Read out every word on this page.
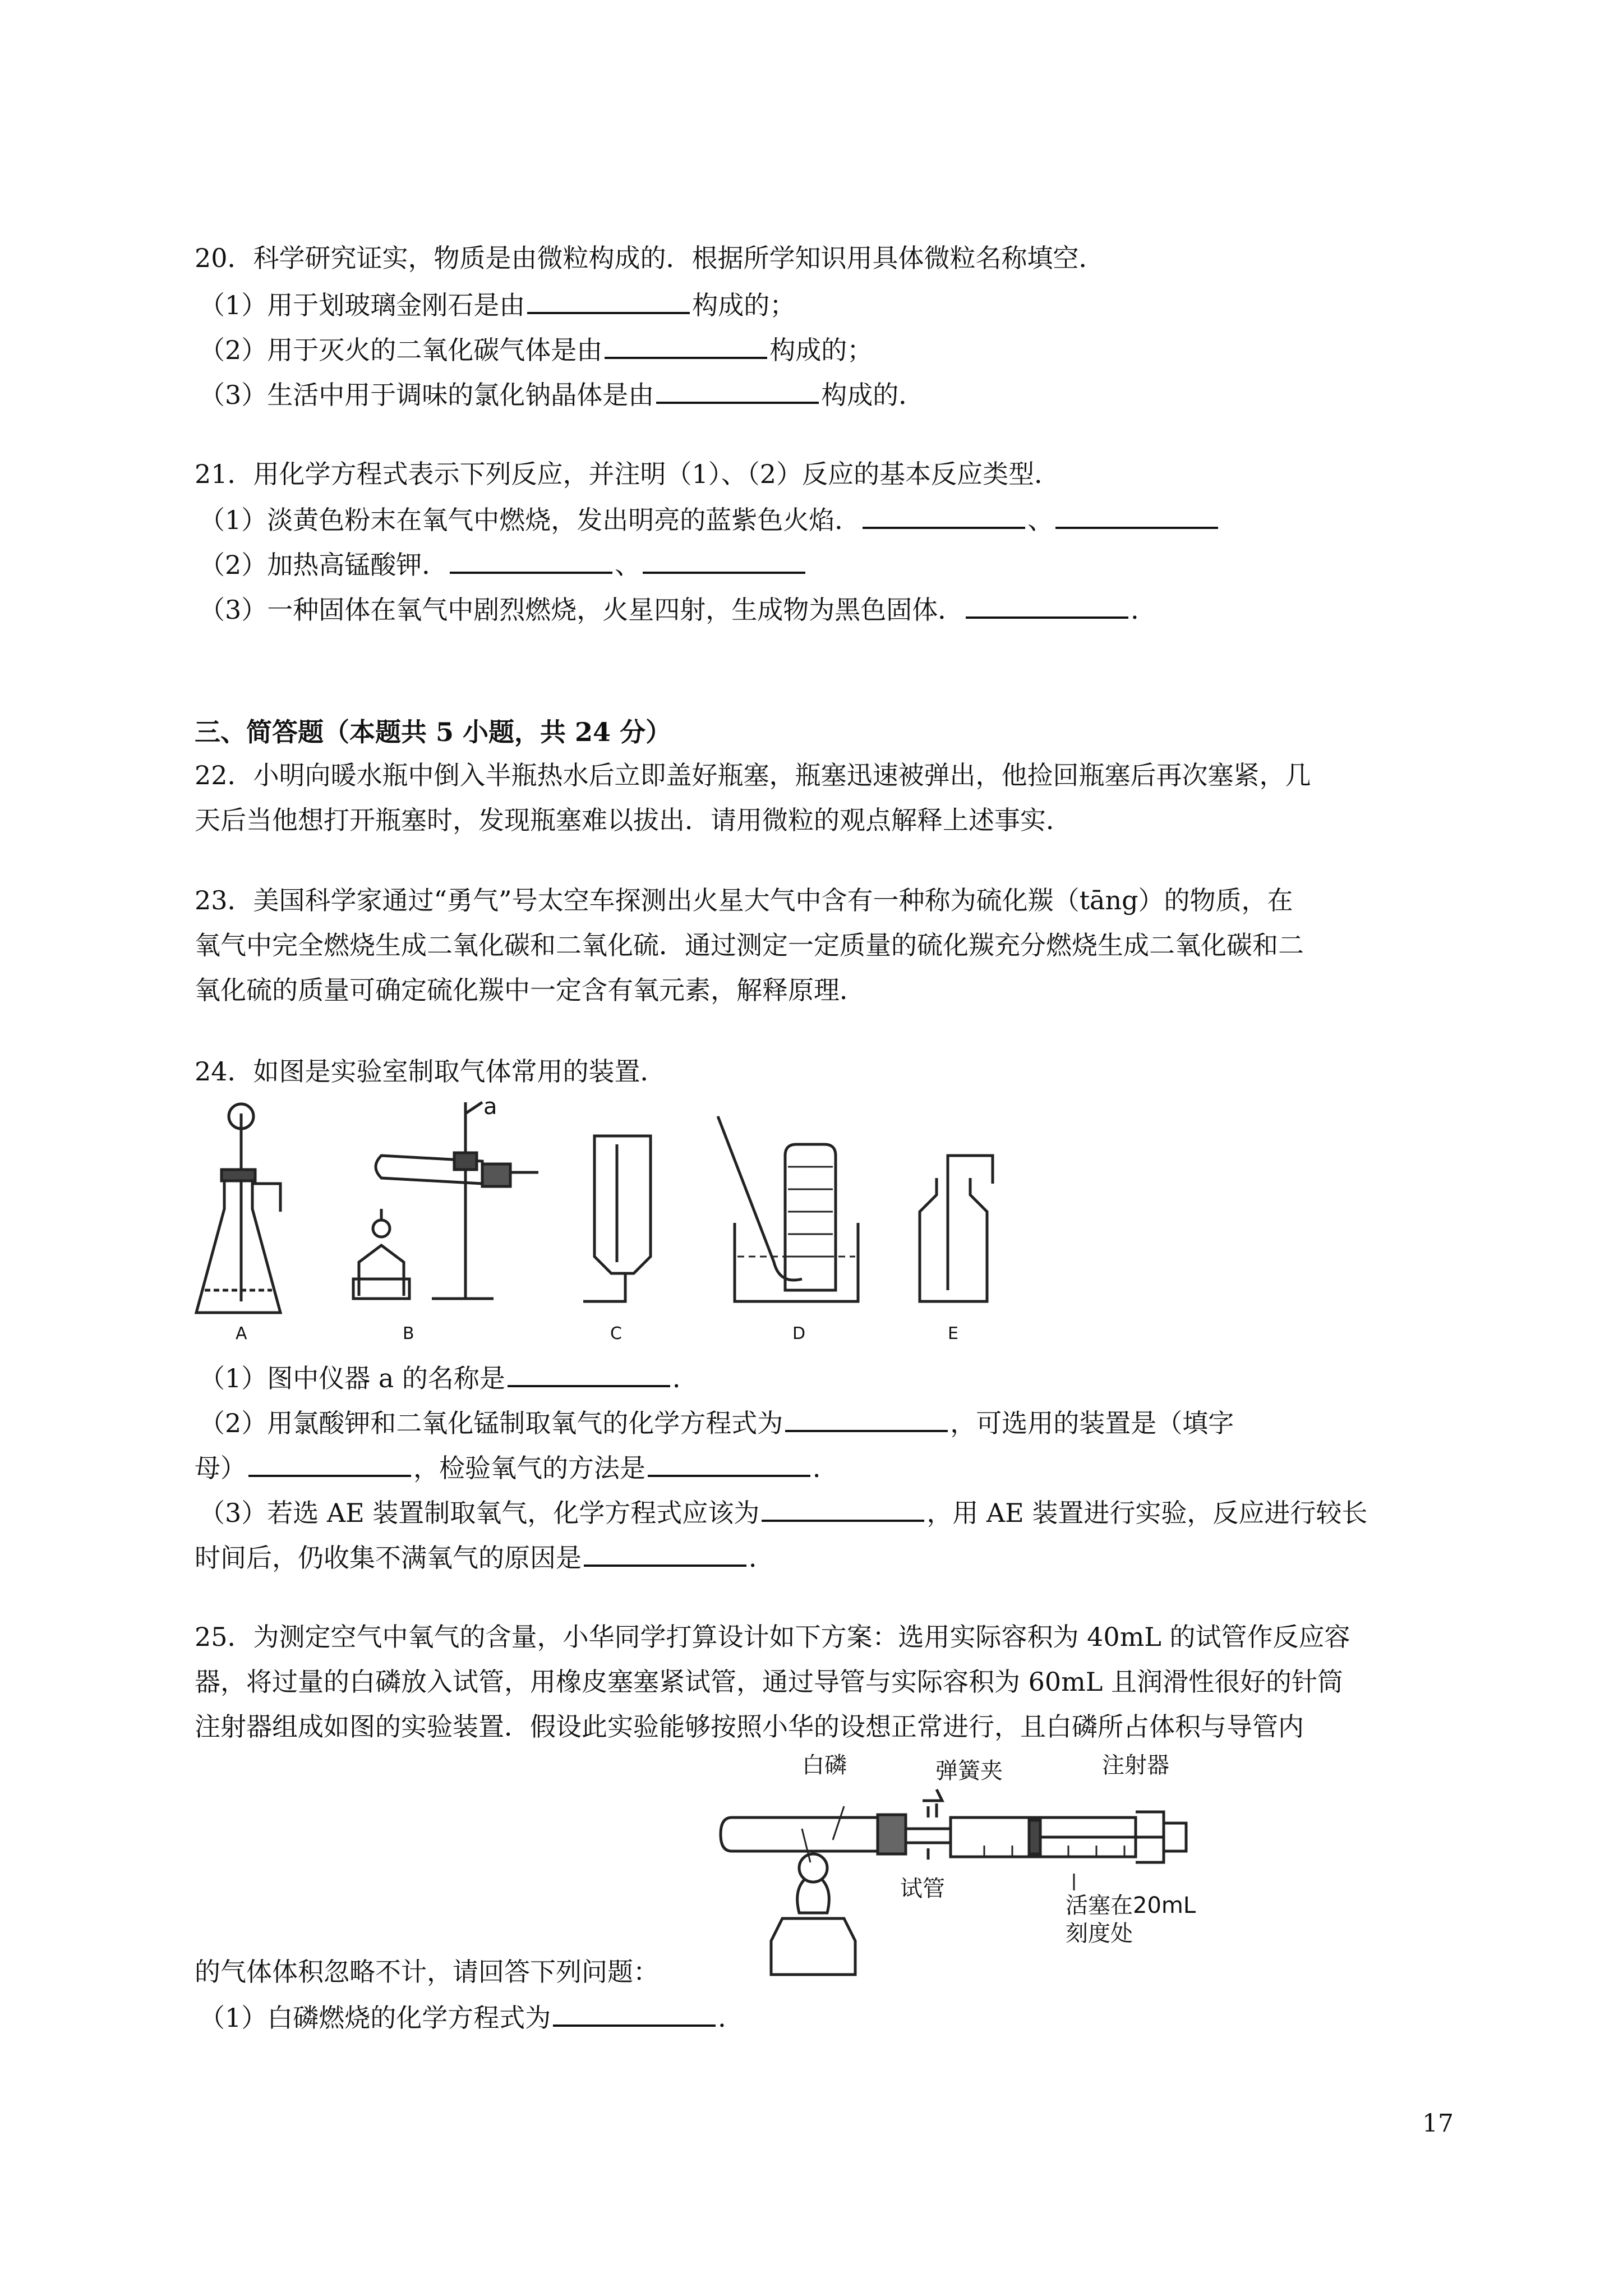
20．科学研究证实，物质是由微粒构成的．根据所学知识用具体微粒名称填空．
（1）用于划玻璃金刚石是由	构成的；
（2）用于灭火的二氧化碳气体是由	构成的；
（3）生活中用于调味的氯化钠晶体是由	构成的．
21．用化学方程式表示下列反应，并注明（1）、（2）反应的基本反应类型．
（1）淡黄色粉末在氧气中燃烧，发出明亮的蓝紫色火焰．	、
（2）加热高锰酸钾．	、
（3）一种固体在氧气中剧烈燃烧，火星四射，生成物为黑色固体．	．
三、简答题（本题共 5 小题，共 24 分）
22．小明向暖水瓶中倒入半瓶热水后立即盖好瓶塞，瓶塞迅速被弹出，他捡回瓶塞后再次塞紧，几
天后当他想打开瓶塞时，发现瓶塞难以拔出．请用微粒的观点解释上述事实．
23．美国科学家通过“勇气”号太空车探测出火星大气中含有一种称为硫化羰（tāng）的物质，在
氧气中完全燃烧生成二氧化碳和二氧化硫．通过测定一定质量的硫化羰充分燃烧生成二氧化碳和二
氧化硫的质量可确定硫化羰中一定含有氧元素，解释原理．
24．如图是实验室制取气体常用的装置．
a
A	B	C	D	E
（1）图中仪器 a 的名称是	．
（2）用氯酸钾和二氧化锰制取氧气的化学方程式为	，可选用的装置是（填字
母）	，检验氧气的方法是	．
（3）若选 AE 装置制取氧气，化学方程式应该为	，用 AE 装置进行实验，反应进行较长
时间后，仍收集不满氧气的原因是	．
25．为测定空气中氧气的含量，小华同学打算设计如下方案：选用实际容积为 40mL 的试管作反应容
器，将过量的白磷放入试管，用橡皮塞塞紧试管，通过导管与实际容积为 60mL 且润滑性很好的针筒
注射器组成如图的实验装置．假设此实验能够按照小华的设想正常进行，且白磷所占体积与导管内
白磷	弹簧夹	注射器
试管
活塞在20mL
刻度处
的气体体积忽略不计，请回答下列问题：
（1）白磷燃烧的化学方程式为	．
17
